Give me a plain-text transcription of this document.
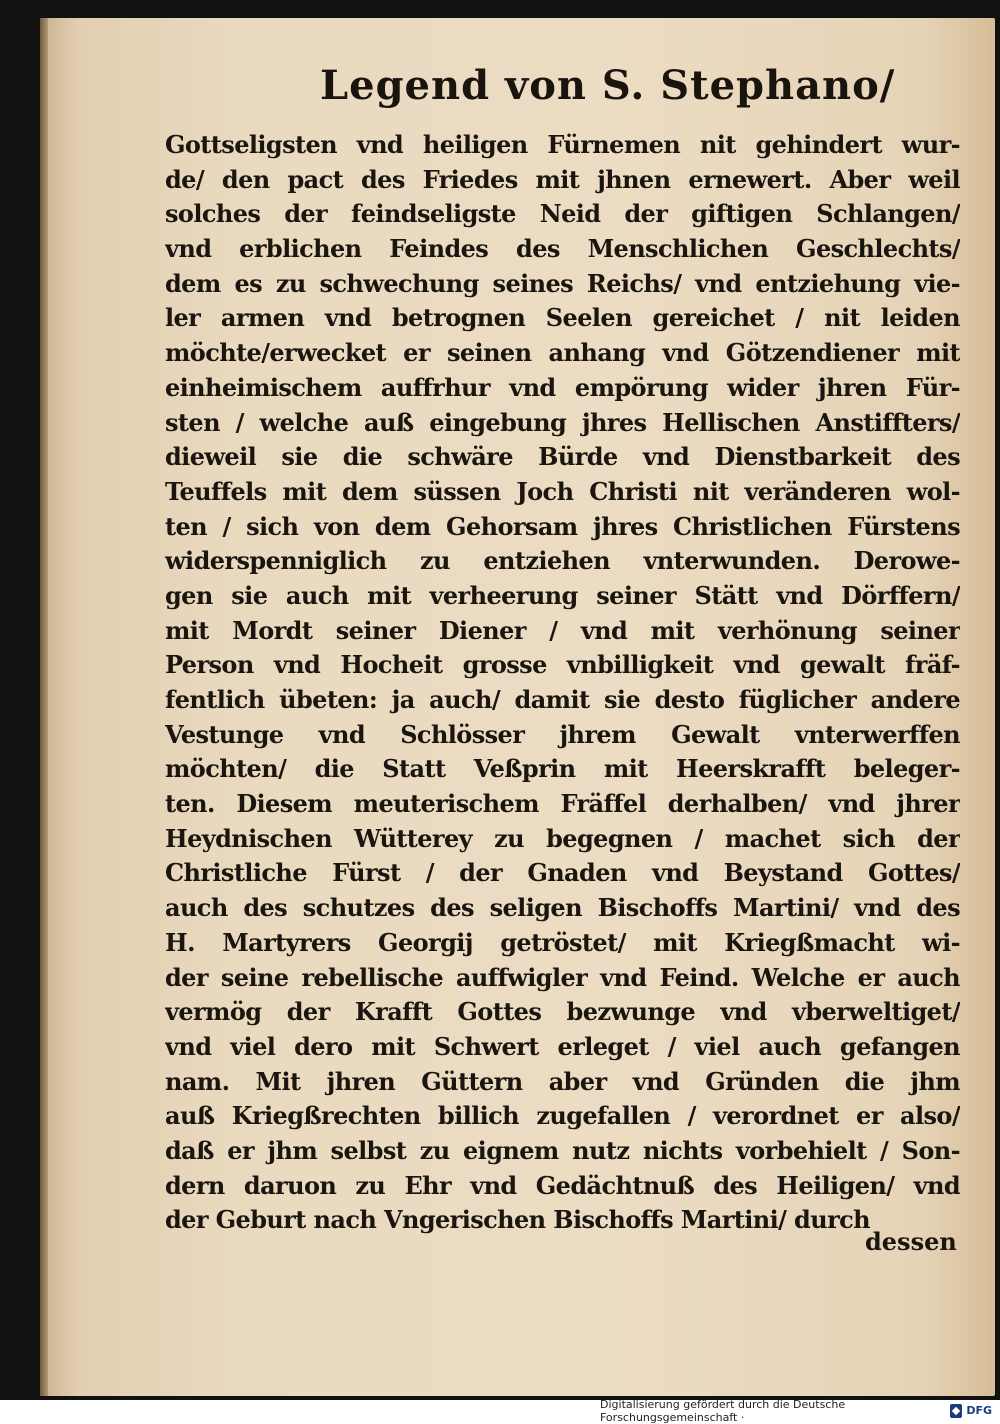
Legend von S. Stephano/
Gottseligsten vnd heiligen Fürnemen nit gehindert wur-
de/ den pact des Friedes mit jhnen ernewert. Aber weil
solches der feindseligste Neid der giftigen Schlangen/
vnd erblichen Feindes des Menschlichen Geschlechts/
dem es zu schwechung seines Reichs/ vnd entziehung vie-
ler armen vnd betrognen Seelen gereichet / nit leiden
möchte/erwecket er seinen anhang vnd Götzendiener mit
einheimischem auffrhur vnd empörung wider jhren Für-
sten / welche auß eingebung jhres Hellischen Anstiffters/
dieweil sie die schwäre Bürde vnd Dienstbarkeit des
Teuffels mit dem süssen Joch Christi nit veränderen wol-
ten / sich von dem Gehorsam jhres Christlichen Fürstens
widerspenniglich zu entziehen vnterwunden. Derowe-
gen sie auch mit verheerung seiner Stätt vnd Dörffern/
mit Mordt seiner Diener / vnd mit verhönung seiner
Person vnd Hocheit grosse vnbilligkeit vnd gewalt fräf-
fentlich übeten: ja auch/ damit sie desto füglicher andere
Vestunge vnd Schlösser jhrem Gewalt vnterwerffen
möchten/ die Statt Veßprin mit Heerskrafft beleger-
ten. Diesem meuterischem Fräffel derhalben/ vnd jhrer
Heydnischen Wütterey zu begegnen / machet sich der
Christliche Fürst / der Gnaden vnd Beystand Gottes/
auch des schutzes des seligen Bischoffs Martini/ vnd des
H. Martyrers Georgij getröstet/ mit Kriegßmacht wi-
der seine rebellische auffwigler vnd Feind. Welche er auch
vermög der Krafft Gottes bezwunge vnd vberweltiget/
vnd viel dero mit Schwert erleget / viel auch gefangen
nam. Mit jhren Güttern aber vnd Gründen die jhm
auß Kriegßrechten billich zugefallen / verordnet er also/
daß er jhm selbst zu eignem nutz nichts vorbehielt / Son-
dern daruon zu Ehr vnd Gedächtnuß des Heiligen/ vnd
der Geburt nach Vngerischen Bischoffs Martini/ durch
dessen
Digitalisierung gefördert durch die Deutsche Forschungsgemeinschaft ·	DFG
